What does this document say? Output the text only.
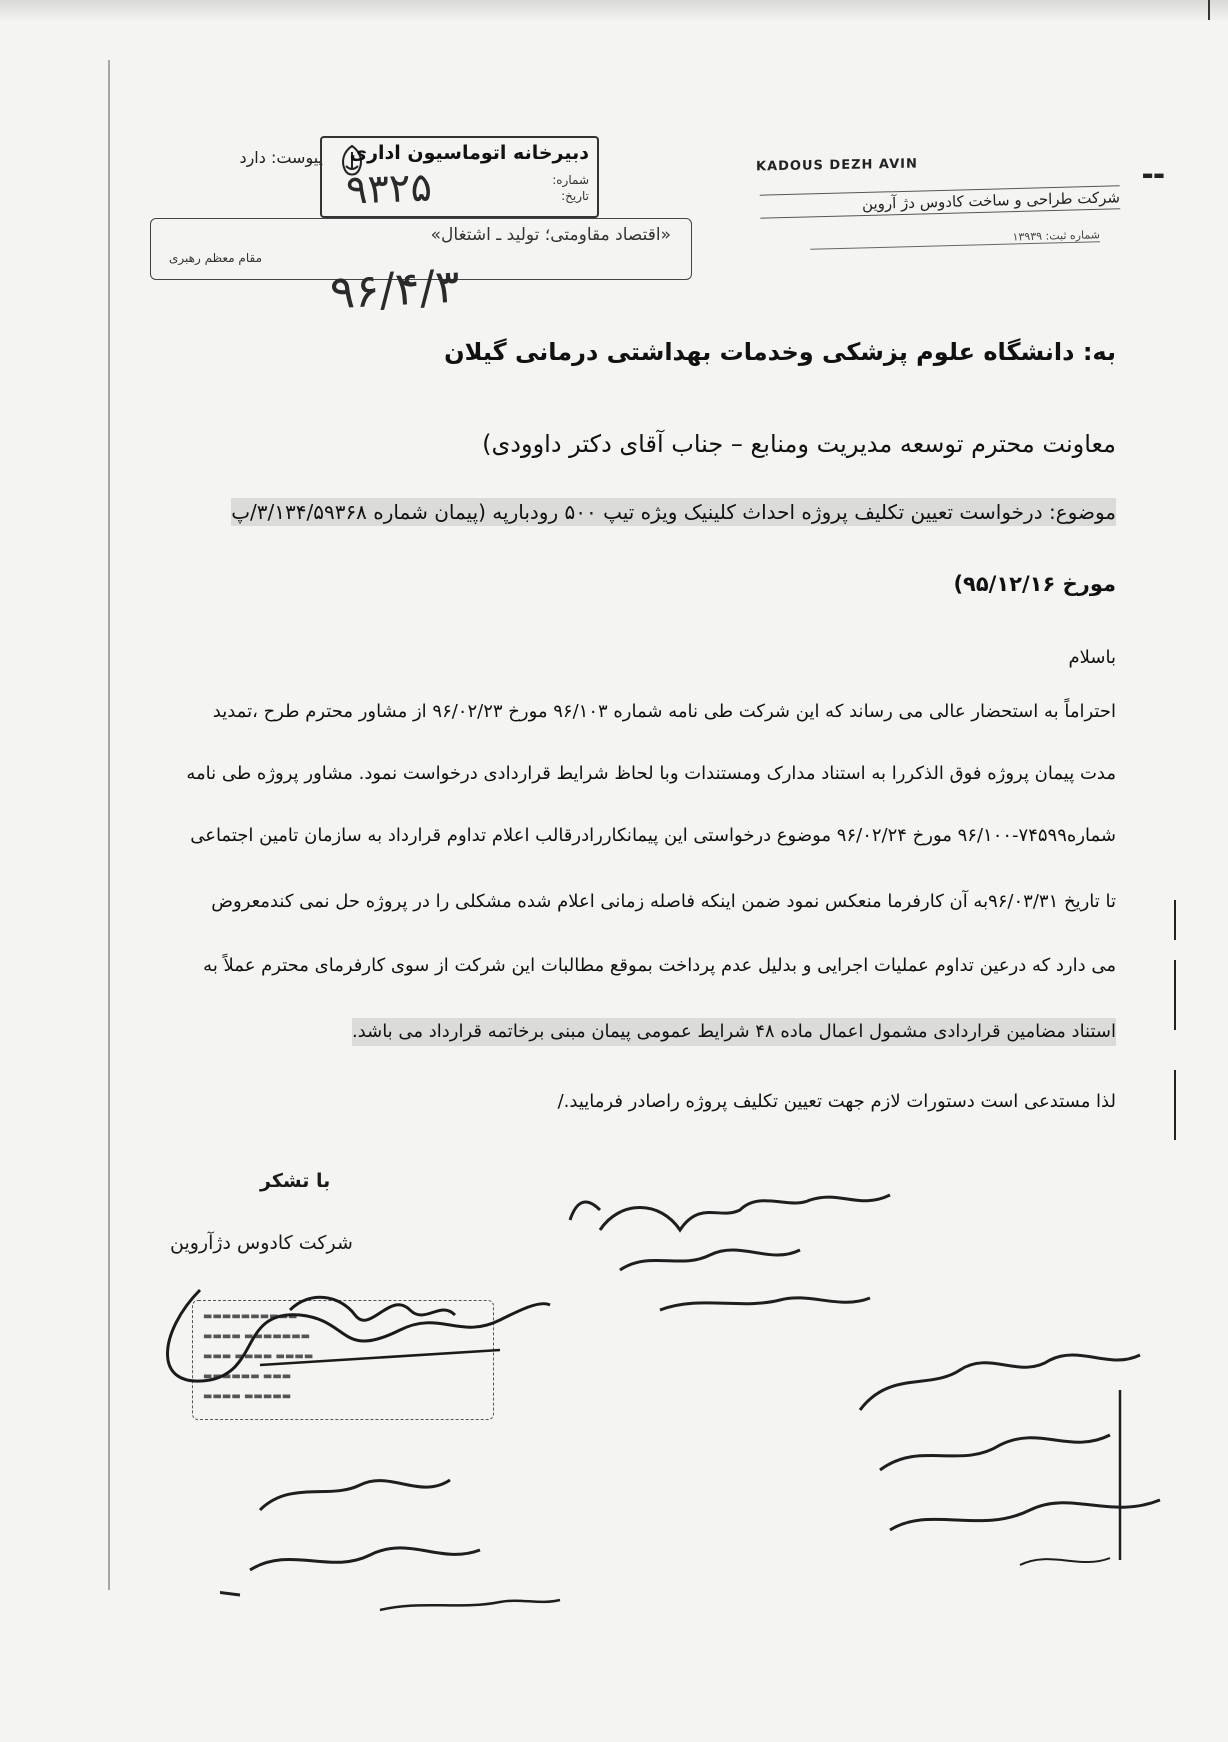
پیوست: دارد دبیرخانه اتوماسیون اداری
شماره:
تاریخ:
۹۳۲۵
«اقتصاد مقاومتی؛ تولید ـ اشتغال»
مقام معظم رهبری
۹۶/۴/۳
KADOUS DEZH AVIN
شرکت طراحی و ساخت کادوس دژ آروین
شماره ثبت: ۱۳۹۳۹
▬▬
به: دانشگاه علوم پزشکی وخدمات بهداشتی درمانی گیلان
معاونت محترم توسعه مدیریت ومنابع – جناب آقای دکتر داوودی)
موضوع: درخواست تعیین تکلیف پروژه احداث کلینیک ویژه تیپ ۵۰۰ رودبارپه (پیمان شماره ۳/۱۳۴/۵۹۳۶۸/پ
مورخ ۹۵/۱۲/۱۶)
باسلام
احتراماً به استحضار عالی می رساند که این شرکت طی نامه شماره ۹۶/۱۰۳ مورخ ۹۶/۰۲/۲۳ از مشاور محترم طرح ،تمدید
مدت پیمان پروژه فوق الذکررا به استناد مدارک ومستندات وبا لحاظ شرایط قراردادی درخواست نمود. مشاور پروژه طی نامه
شماره۷۴۵۹۹-۹۶/۱۰۰ مورخ ۹۶/۰۲/۲۴ موضوع درخواستی این پیمانکاررادرقالب اعلام تداوم قرارداد به سازمان تامین اجتماعی
تا تاریخ ۹۶/۰۳/۳۱به آن کارفرما منعکس نمود ضمن اینکه فاصله زمانی اعلام شده مشکلی را در پروژه حل نمی کندمعروض
می دارد که درعین تداوم عملیات اجرایی و بدلیل عدم پرداخت بموقع مطالبات این شرکت از سوی کارفرمای محترم عملاً به
استناد مضامین قراردادی مشمول اعمال ماده ۴۸ شرایط عمومی پیمان مبنی برخاتمه قرارداد می باشد.
لذا مستدعی است دستورات لازم جهت تعیین تکلیف پروژه راصادر فرمایید./
با تشکر
شرکت کادوس دژآروین
▬▬▬▬▬▬▬▬▬▬
▬▬▬▬ ▬▬▬▬▬▬▬
▬▬▬ ▬▬▬▬ ▬▬▬▬
▬▬▬▬▬▬ ▬▬▬
▬▬▬▬ ▬▬▬▬▬
